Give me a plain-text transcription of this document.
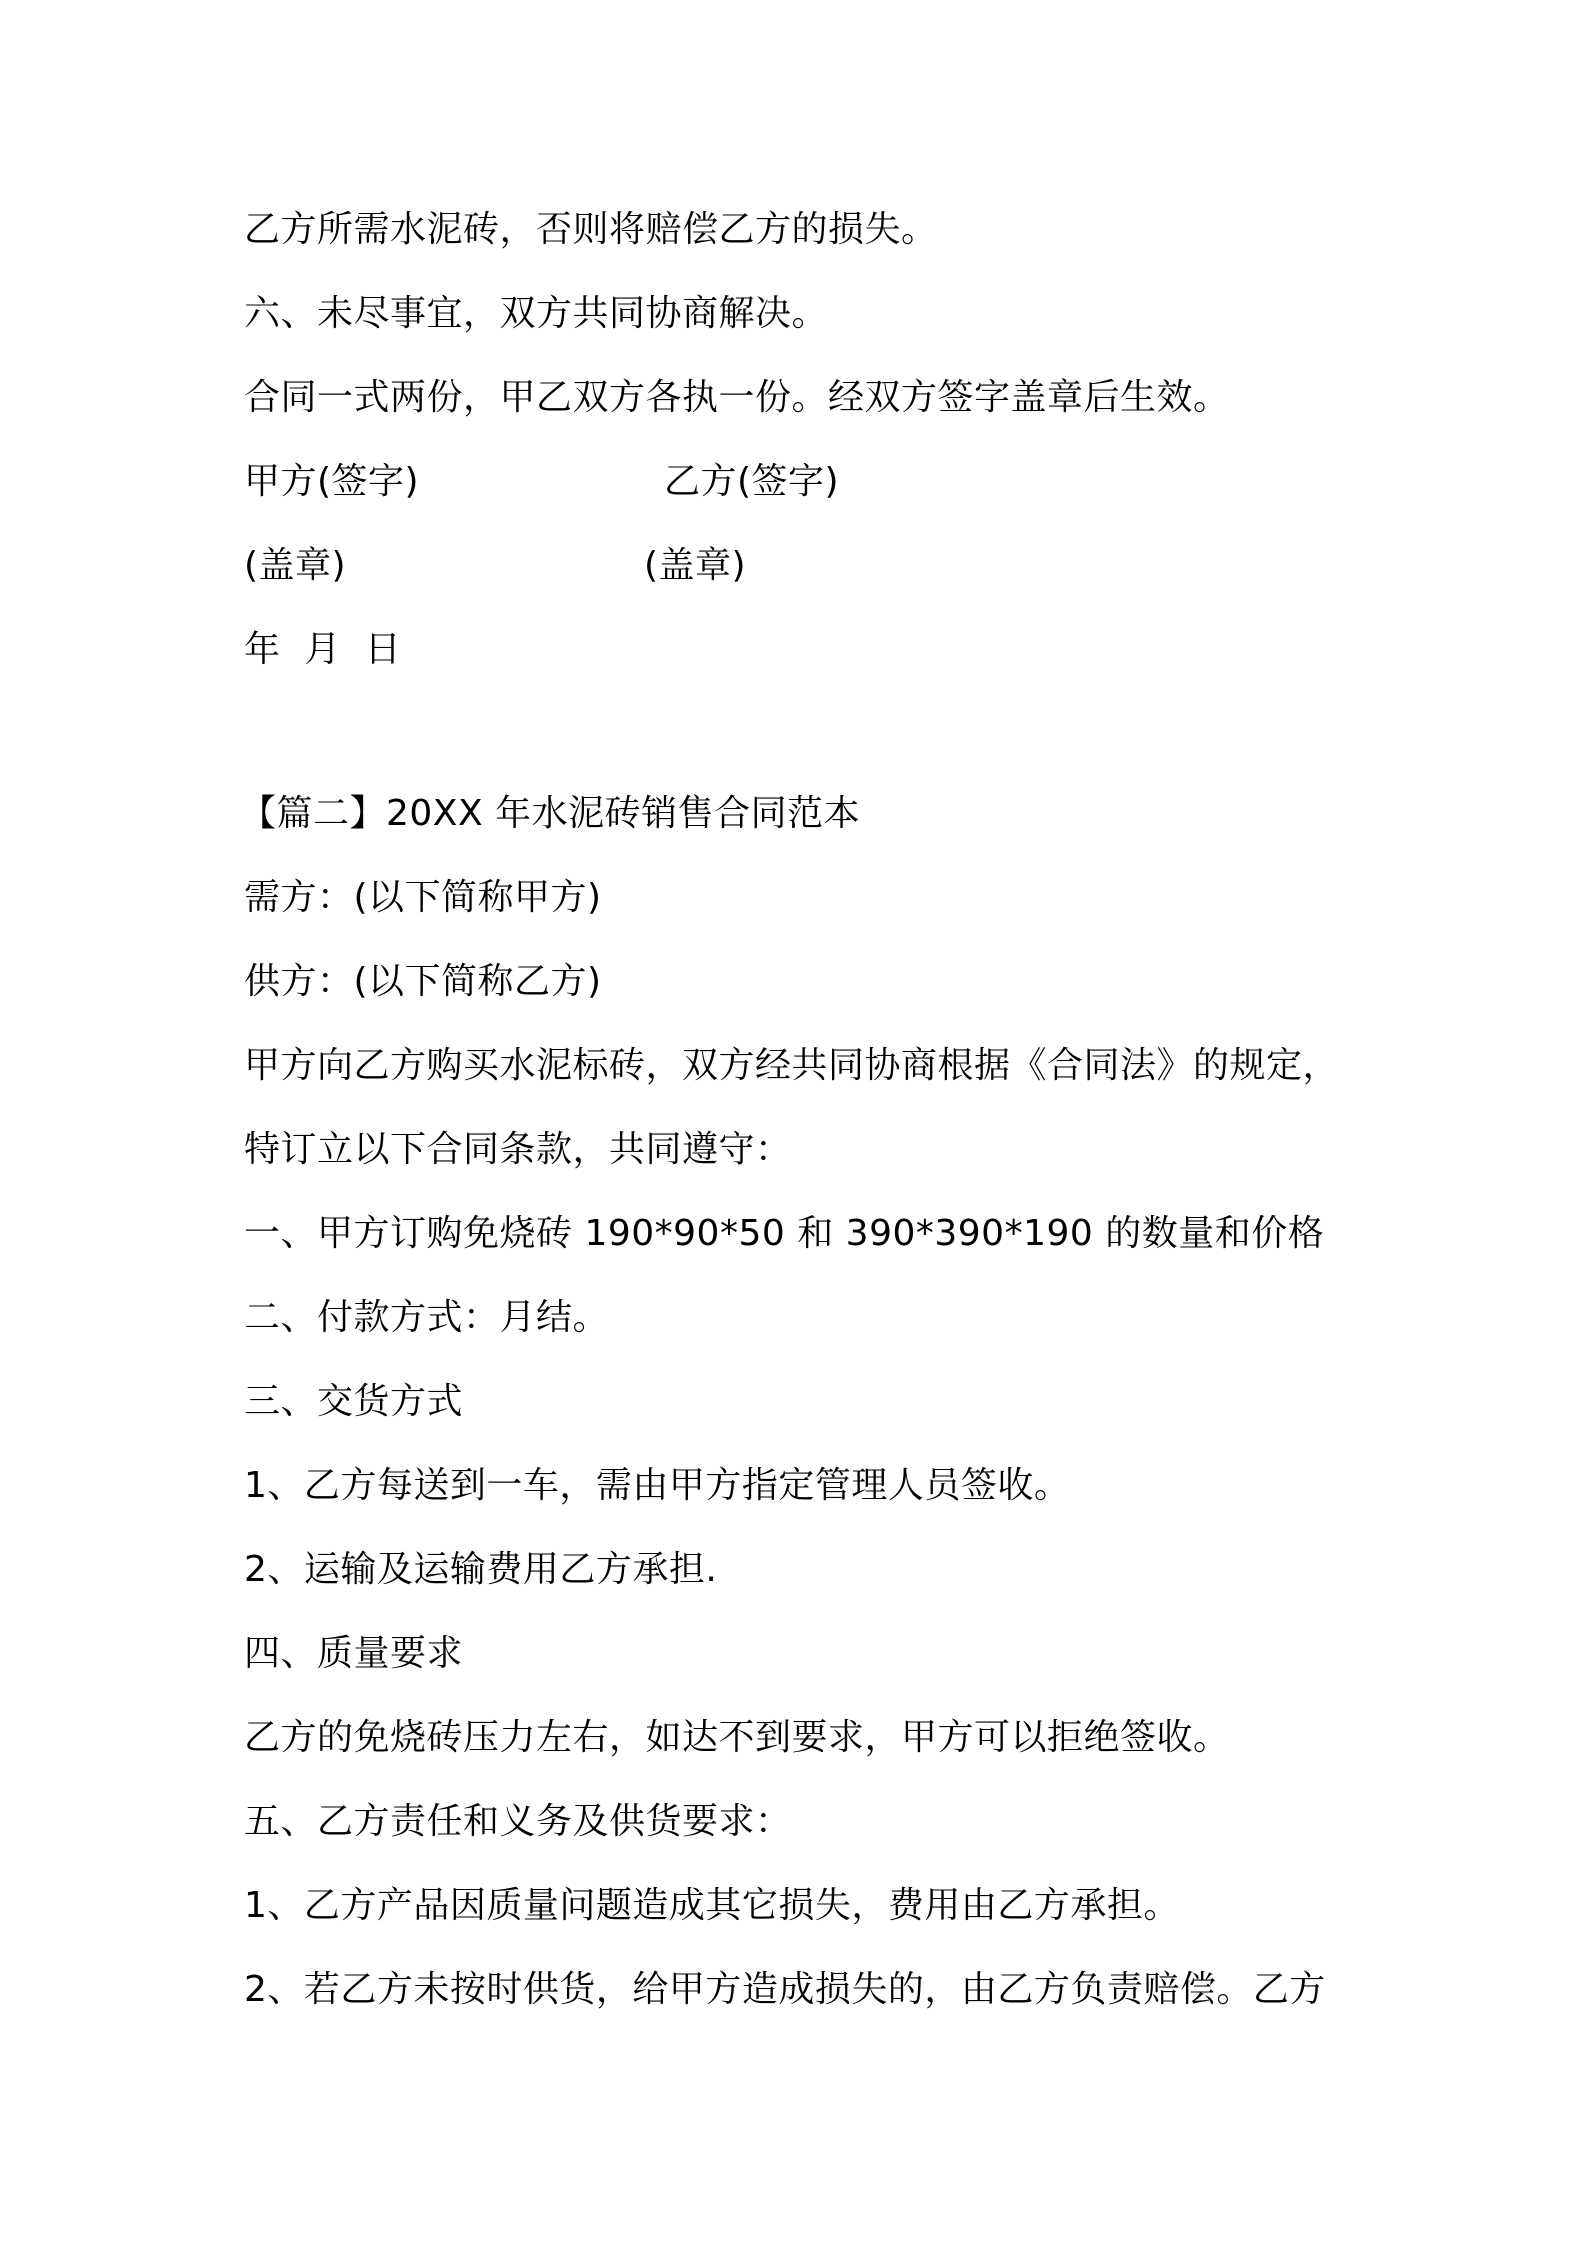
乙方所需水泥砖，否则将赔偿乙方的损失。
六、未尽事宜，双方共同协商解决。
合同一式两份，甲乙双方各执一份。经双方签字盖章后生效。
甲方(签字)	乙方(签字)
(盖章)	(盖章)
年  月  日
【篇二】20XX 年水泥砖销售合同范本
需方：(以下简称甲方)
供方：(以下简称乙方)
甲方向乙方购买水泥标砖，双方经共同协商根据《合同法》的规定，
特订立以下合同条款，共同遵守：
一、甲方订购免烧砖 190*90*50 和 390*390*190 的数量和价格
二、付款方式：月结。
三、交货方式
1、乙方每送到一车，需由甲方指定管理人员签收。
2、运输及运输费用乙方承担.
四、质量要求
乙方的免烧砖压力左右，如达不到要求，甲方可以拒绝签收。
五、乙方责任和义务及供货要求：
1、乙方产品因质量问题造成其它损失，费用由乙方承担。
2、若乙方未按时供货，给甲方造成损失的，由乙方负责赔偿。乙方
